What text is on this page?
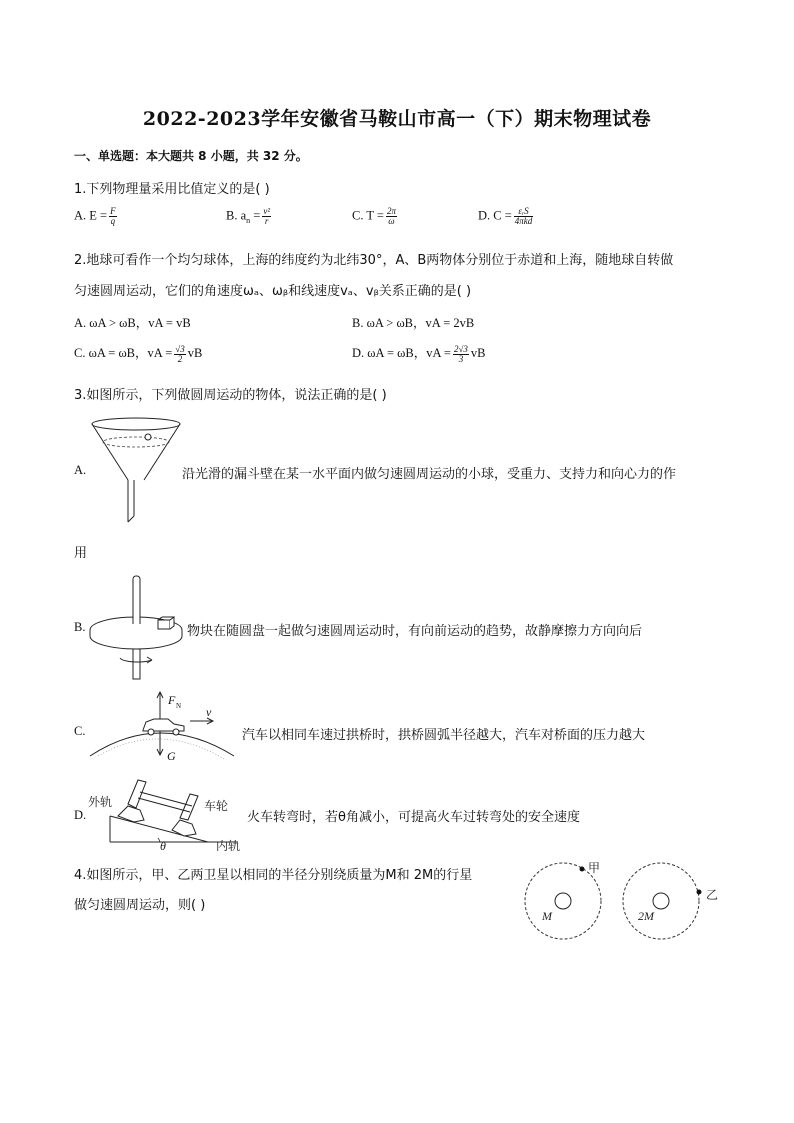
2022-2023学年安徽省马鞍山市高一（下）期末物理试卷
一、单选题：本大题共 8 小题，共 32 分。
1.下列物理量采用比值定义的是( )
A. $E = \frac{F}{q}$	B. $a_n = \frac{\text{v²}}{r}$	C. $T = \frac{2\pi}{\omega}$	D. $C = \frac{\text{εᵣS}}{\text{4πkd}}$
2.地球可看作一个均匀球体，上海的纬度约为北纬30°，A、B两物体分别位于赤道和上海，随地球自转做
匀速圆周运动，它们的角速度ωₐ、ωᵦ和线速度vₐ、vᵦ关系正确的是( )
A. ωA > ωB，vA = vB	B. ωA > ωB，vA = 2vB
C. ωA = ωB，vA = $\frac{√3}{2}$ vB	D. ωA = ωB，vA = $\frac{2√3}{3}$ vB
3.如图所示，下列做圆周运动的物体，说法正确的是( )
A.	沿光滑的漏斗壁在某一水平面内做匀速圆周运动的小球，受重力、支持力和向心力的作
用
B.	物块在随圆盘一起做匀速圆周运动时，有向前运动的趋势，故静摩擦力方向向后
C.
F N v
G
汽车以相同车速过拱桥时，拱桥圆弧半径越大，汽车对桥面的压力越大
D.
外轨	车轮
内轨
θ
火车转弯时，若θ角减小，可提高火车过转弯处的安全速度
4.如图所示，甲、乙两卫星以相同的半径分别绕质量为M和 2M的行星
做匀速圆周运动，则( )
甲
乙
M	2M
